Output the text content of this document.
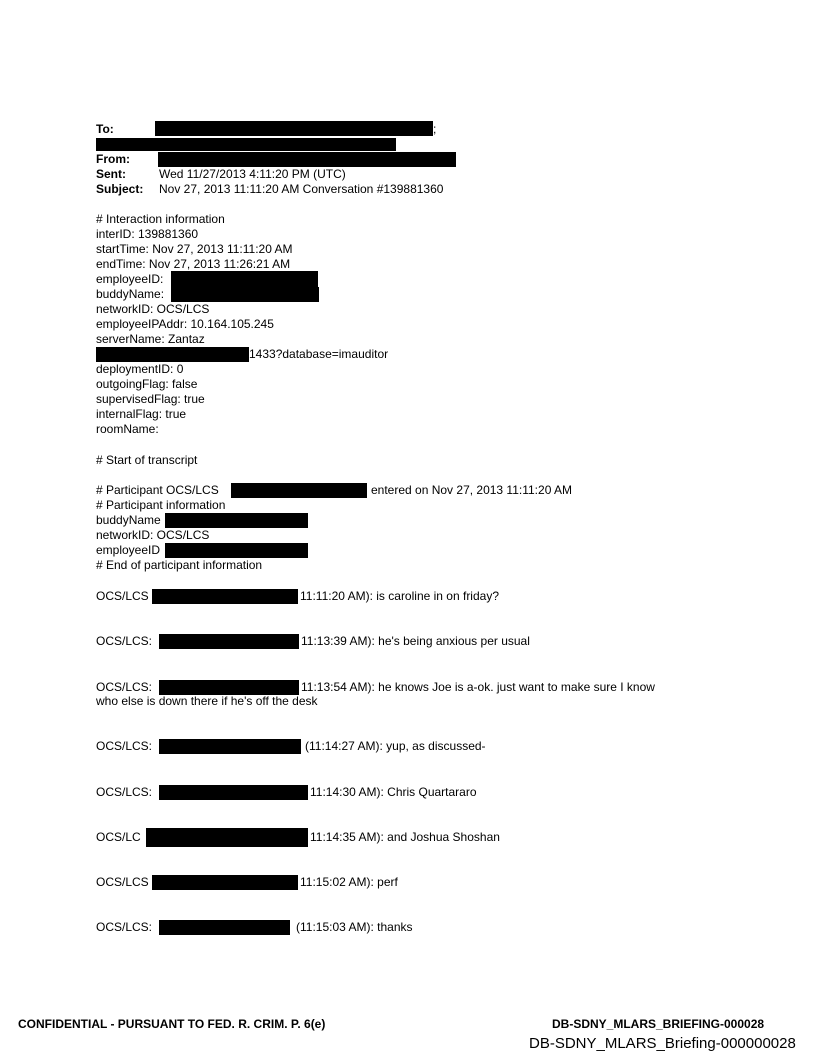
To:	;
From:
Sent:	Wed 11/27/2013 4:11:20 PM (UTC)
Subject: Nov 27, 2013 11:11:20 AM Conversation #139881360
# Interaction information
interID: 139881360
startTime: Nov 27, 2013 11:11:20 AM
endTime: Nov 27, 2013 11:26:21 AM
employeeID:
buddyName:
networkID: OCS/LCS
employeeIPAddr: 10.164.105.245
serverName: Zantaz
1433?database=imauditor
deploymentID: 0
outgoingFlag: false
supervisedFlag: true
internalFlag: true
roomName:
# Start of transcript
# Participant OCS/LCS	entered on Nov 27, 2013 11:11:20 AM
# Participant information
buddyName
networkID: OCS/LCS
employeeID
# End of participant information
OCS/LCS	11:11:20 AM): is caroline in on friday?
OCS/LCS:	11:13:39 AM): he's being anxious per usual
OCS/LCS:	11:13:54 AM): he knows Joe is a-ok. just want to make sure I know
who else is down there if he's off the desk
OCS/LCS:	(11:14:27 AM): yup, as discussed-
OCS/LCS:	11:14:30 AM): Chris Quartararo
OCS/LC	11:14:35 AM): and Joshua Shoshan
OCS/LCS	11:15:02 AM): perf
OCS/LCS:	(11:15:03 AM): thanks
CONFIDENTIAL - PURSUANT TO FED. R. CRIM. P. 6(e)	DB-SDNY_MLARS_BRIEFING-000028
DB-SDNY_MLARS_Briefing-000000028
